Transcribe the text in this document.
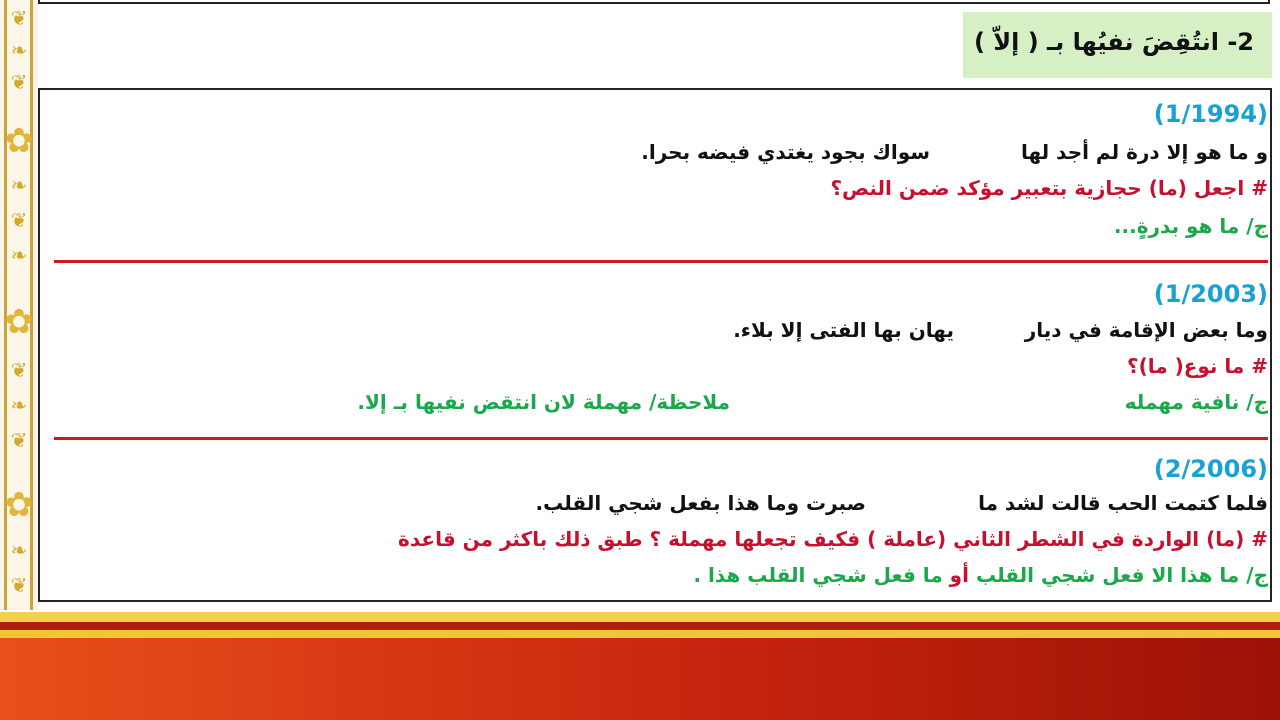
❦
❧
❦
✿
❧
❦
❧
✿
❦
❧
❦
✿
❧
❦
2- انتُقِضَ نفيُها بـ ( إلاّ )
(1/1994)
و ما هو إلا درة لم أجد لها
سواك بجود يغتدي فيضه بحرا.
# اجعل (ما) حجازية بتعبير مؤكد ضمن النص؟
ج/ ما هو بدرةٍ...
(1/2003)
وما بعض الإقامة في ديار
يهان بها الفتى إلا بلاء.
# ما نوع( ما)؟
ج/ نافية مهمله
ملاحظة/ مهملة لان انتقض نفيها بـ إلا.
(2/2006)
فلما كتمت الحب قالت لشد ما
صبرت وما هذا بفعل شجي القلب.
# (ما) الواردة في الشطر الثاني (عاملة ) فكيف تجعلها مهملة ؟ طبق ذلك باكثر من قاعدة
ج/ ما هذا الا فعل شجي القلب أو ما فعل شجي القلب هذا .
